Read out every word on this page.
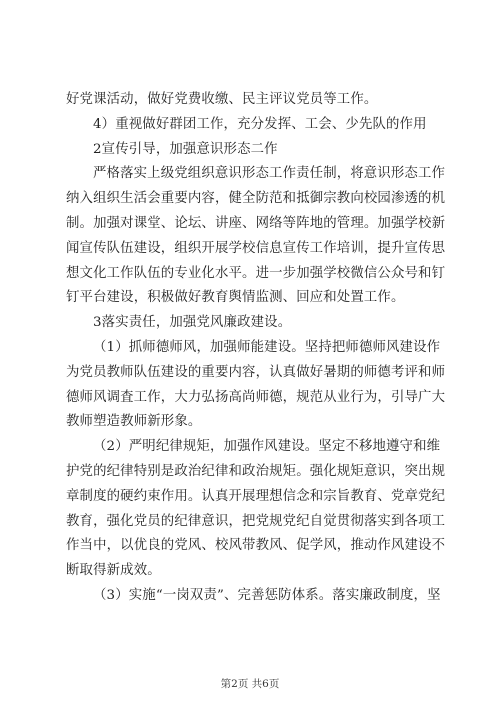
好党课活动，做好党费收缴、民主评议党员等工作。
4）重视做好群团工作，充分发挥、工会、少先队的作用
2宣传引导，加强意识形态二作
严格落实上级党组织意识形态工作责任制，将意识形态工作
纳入组织生活会重要内容，健全防范和抵御宗教向校园渗透的机
制。加强对课堂、论坛、讲座、网络等阵地的管理。加强学校新
闻宣传队伍建设，组织开展学校信息宣传工作培训，提升宣传思
想文化工作队伍的专业化水平。进一步加强学校微信公众号和钉
钉平台建设，积极做好教育舆情监测、回应和处置工作。
3落实责任，加强党风廉政建设。
（1）抓师德师风，加强师能建设。坚持把师德师风建设作
为党员教师队伍建设的重要内容，认真做好暑期的师德考评和师
德师风调査工作，大力弘扬高尚师德，规范从业行为，引导广大
教师塑造教师新形象。
（2）严明纪律规矩，加强作风建设。坚定不移地遵守和维
护党的纪律特别是政治纪律和政治规矩。强化规矩意识，突出规
章制度的硬约束作用。认真开展理想信念和宗旨教育、党章党纪
教育，强化党员的纪律意识，把党规党纪自觉贯彻落实到各项工
作当中，以优良的党风、校风带教风、促学风，推动作风建设不
断取得新成效。
（3）实施“一岗双责”、完善惩防体系。落实廉政制度，坚
第2页 共6页
